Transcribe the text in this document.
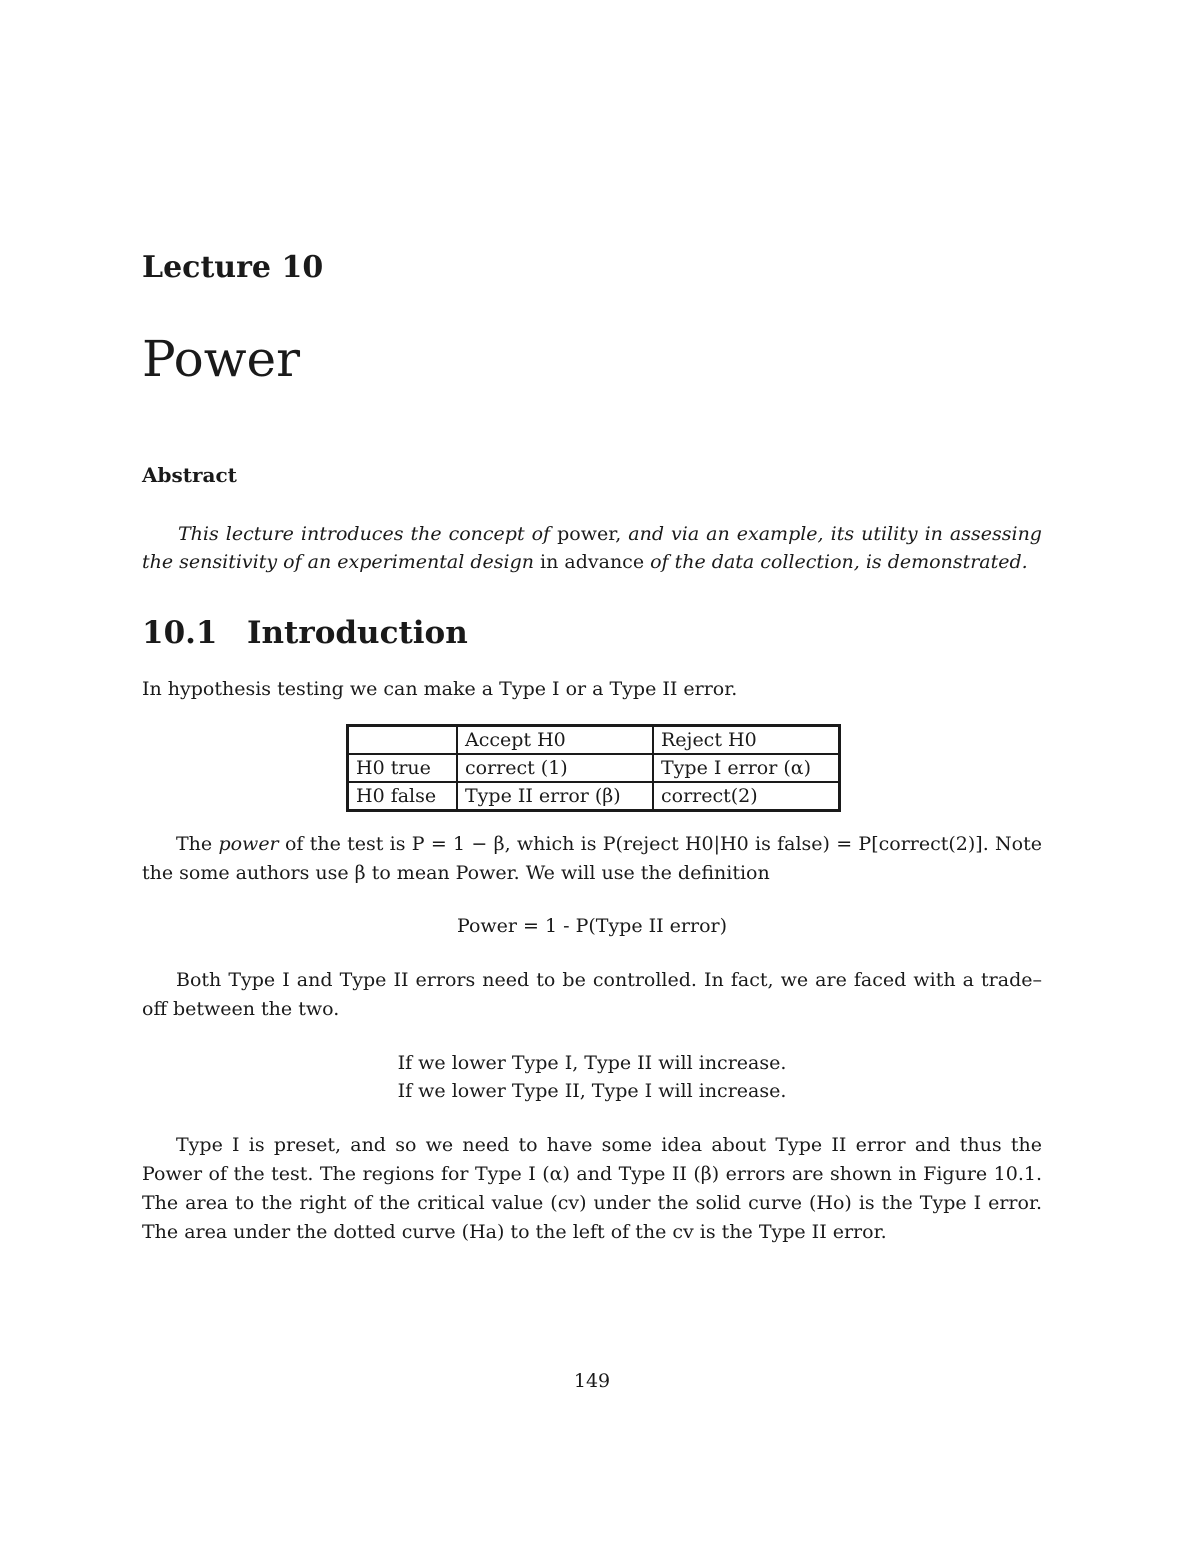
Lecture 10
Power
Abstract
This lecture introduces the concept of power, and via an example, its utility in assessing the sensitivity of an experimental design in advance of the data collection, is demonstrated.
10.1 Introduction
In hypothesis testing we can make a Type I or a Type II error.
	Accept H0	Reject H0
H0 true	correct (1)	Type I error (α)
H0 false	Type II error (β)	correct(2)
The power of the test is P = 1 − β, which is P(reject H0|H0 is false) = P[correct(2)]. Note the some authors use β to mean Power. We will use the definition
Power = 1 - P(Type II error)
Both Type I and Type II errors need to be controlled. In fact, we are faced with a trade–off between the two.
If we lower Type I, Type II will increase.
If we lower Type II, Type I will increase.
Type I is preset, and so we need to have some idea about Type II error and thus the Power of the test. The regions for Type I (α) and Type II (β) errors are shown in Figure 10.1. The area to the right of the critical value (cv) under the solid curve (Ho) is the Type I error. The area under the dotted curve (Ha) to the left of the cv is the Type II error.
149
